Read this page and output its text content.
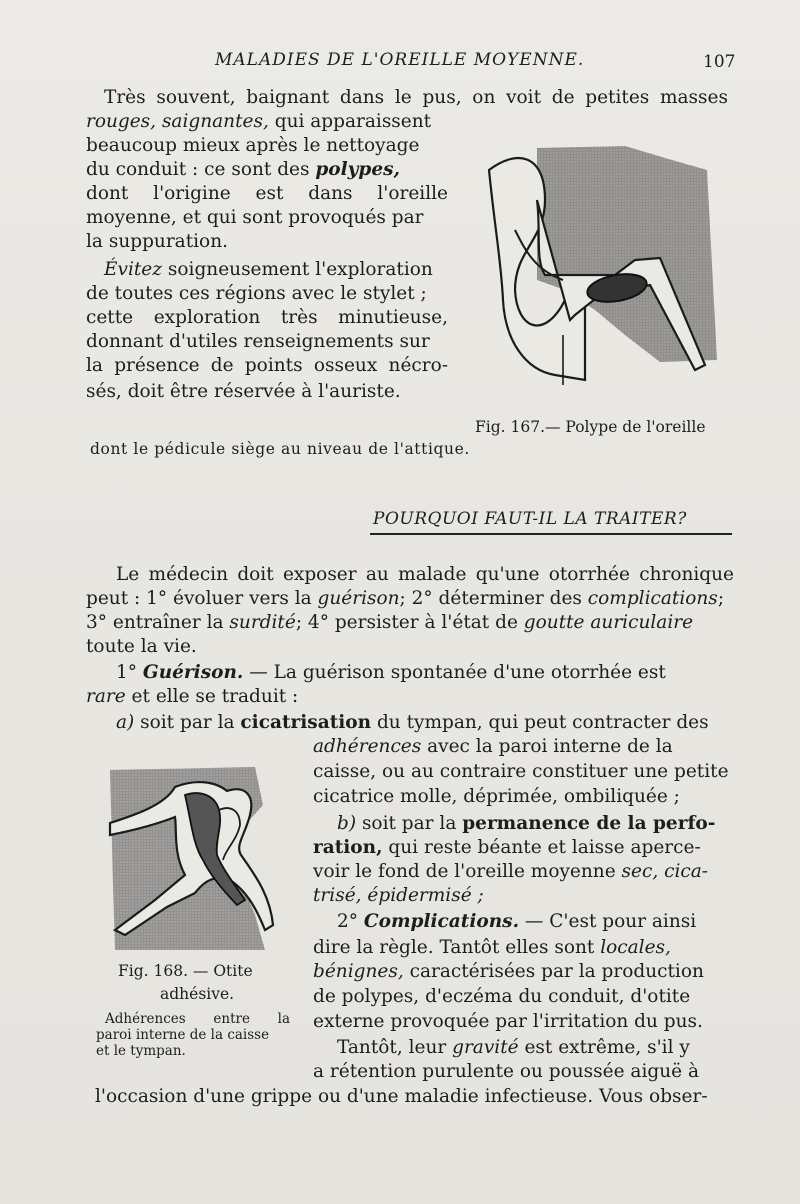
MALADIES DE L'OREILLE MOYENNE.	107
Très souvent, baignant dans le pus, on voit de petites masses
rouges, saignantes, qui apparaissent
beaucoup mieux après le nettoyage
du conduit : ce sont des polypes,
dont l'origine est dans l'oreille
moyenne, et qui sont provoqués par
la suppuration.
Évitez soigneusement l'exploration
de toutes ces régions avec le stylet ;
cette exploration très minutieuse,
donnant d'utiles renseignements sur
la présence de points osseux nécro-
sés, doit être réservée à l'auriste.
Fig. 167.— Polype de l'oreille
dont le pédicule siège au niveau de l'attique.
POURQUOI FAUT-IL LA TRAITER?
Le médecin doit exposer au malade qu'une otorrhée chronique
peut : 1° évoluer vers la guérison; 2° déterminer des complications;
3° entraîner la surdité; 4° persister à l'état de goutte auriculaire
toute la vie.
1° Guérison. — La guérison spontanée d'une otorrhée est
rare et elle se traduit :
a) soit par la cicatrisation du tympan, qui peut contracter des
adhérences avec la paroi interne de la
caisse, ou au contraire constituer une petite
cicatrice molle, déprimée, ombiliquée ;
b) soit par la permanence de la perfo-
ration, qui reste béante et laisse aperce-
voir le fond de l'oreille moyenne sec, cica-
trisé, épidermisé ;
2° Complications. — C'est pour ainsi
dire la règle. Tantôt elles sont locales,
bénignes, caractérisées par la production
de polypes, d'eczéma du conduit, d'otite
externe provoquée par l'irritation du pus.
Tantôt, leur gravité est extrême, s'il y
a rétention purulente ou poussée aiguë à
l'occasion d'une grippe ou d'une maladie infectieuse. Vous obser-
Fig. 168. — Otite
adhésive.
Adhérences entre la
paroi interne de la caisse
et le tympan.
